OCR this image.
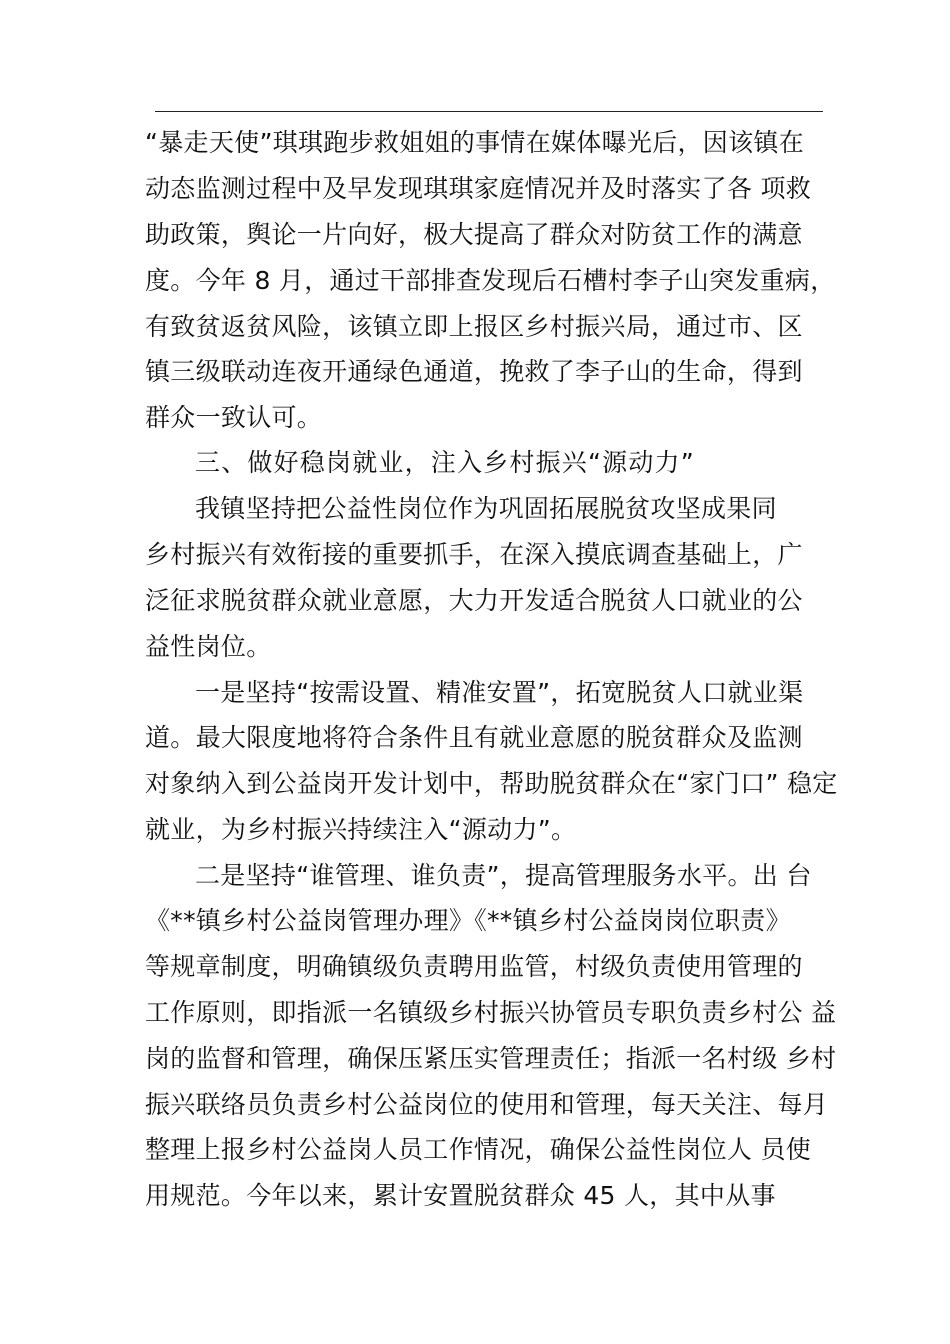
“暴走天使”琪琪跑步救姐姐的事情在媒体曝光后，因该镇在
动态监测过程中及早发现琪琪家庭情况并及时落实了各 项救
助政策，舆论一片向好，极大提高了群众对防贫工作的满意
度。今年 8 月，通过干部排查发现后石槽村李子山突发重病，
有致贫返贫风险，该镇立即上报区乡村振兴局，通过市、区
镇三级联动连夜开通绿色通道，挽救了李子山的生命，得到
群众一致认可。
三、做好稳岗就业，注入乡村振兴“源动力”
我镇坚持把公益性岗位作为巩固拓展脱贫攻坚成果同
乡村振兴有效衔接的重要抓手，在深入摸底调查基础上，广
泛征求脱贫群众就业意愿，大力开发适合脱贫人口就业的公
益性岗位。
一是坚持“按需设置、精准安置”，拓宽脱贫人口就业渠
道。最大限度地将符合条件且有就业意愿的脱贫群众及监测
对象纳入到公益岗开发计划中，帮助脱贫群众在“家门口” 稳定
就业，为乡村振兴持续注入“源动力”。
二是坚持“谁管理、谁负责”，提高管理服务水平。出 台
《**镇乡村公益岗管理办理》《**镇乡村公益岗岗位职责》
等规章制度，明确镇级负责聘用监管，村级负责使用管理的
工作原则，即指派一名镇级乡村振兴协管员专职负责乡村公 益
岗的监督和管理，确保压紧压实管理责任；指派一名村级 乡村
振兴联络员负责乡村公益岗位的使用和管理，每天关注、每月
整理上报乡村公益岗人员工作情况，确保公益性岗位人 员使
用规范。今年以来，累计安置脱贫群众 45 人，其中从事
